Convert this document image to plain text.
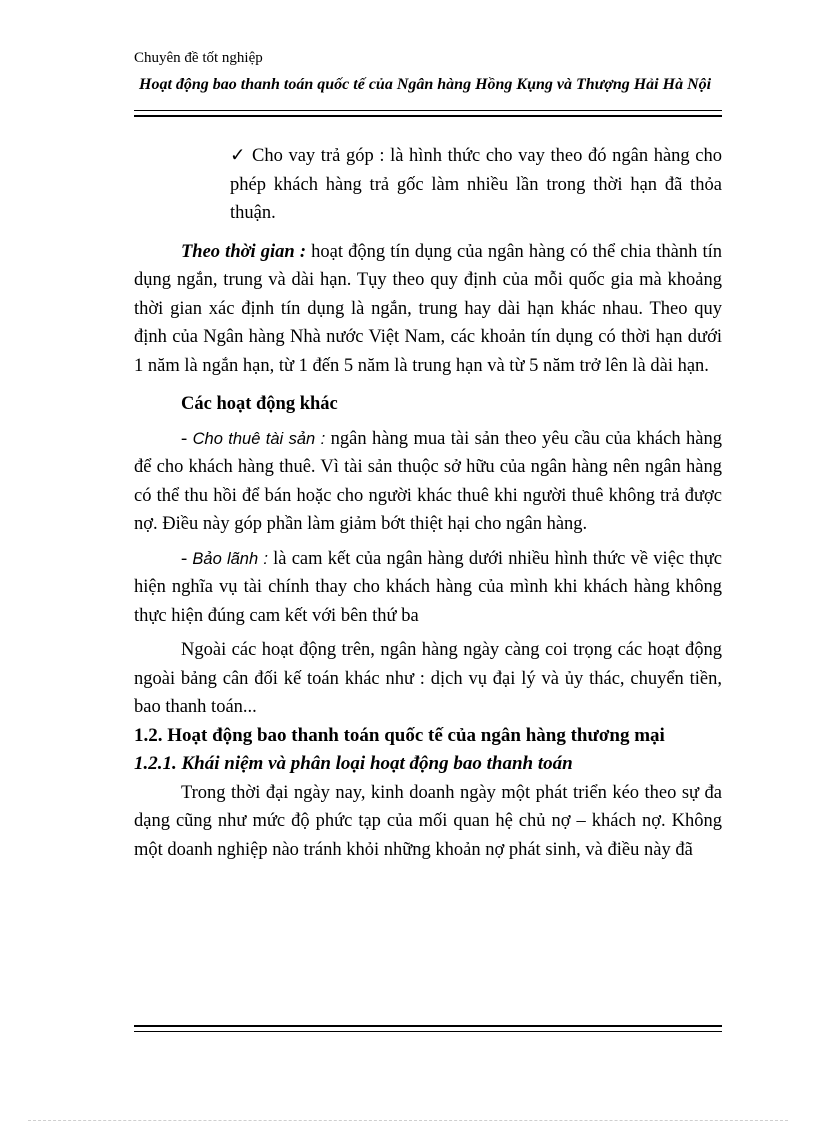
Chuyên đề tốt nghiệp
Hoạt động bao thanh toán quốc tế của Ngân hàng Hồng Kụng và Thượng Hải Hà Nội

✓ Cho vay trả góp : là hình thức cho vay theo đó ngân hàng cho phép khách hàng trả gốc làm nhiều lần trong thời hạn đã thỏa thuận.

Theo thời gian : hoạt động tín dụng của ngân hàng có thể chia thành tín dụng ngắn, trung và dài hạn. Tụy theo quy định của mỗi quốc gia mà khoảng thời gian xác định tín dụng là ngắn, trung hay dài hạn khác nhau. Theo quy định của Ngân hàng Nhà nước Việt Nam, các khoản tín dụng có thời hạn dưới 1 năm là ngắn hạn, từ 1 đến 5 năm là trung hạn và từ 5 năm trở lên là dài hạn.

Các hoạt động khác

- Cho thuê tài sản : ngân hàng mua tài sản theo yêu cầu của khách hàng để cho khách hàng thuê. Vì tài sản thuộc sở hữu của ngân hàng nên ngân hàng có thể thu hồi để bán hoặc cho người khác thuê khi người thuê không trả được nợ. Điều này góp phần làm giảm bớt thiệt hại cho ngân hàng.

- Bảo lãnh : là cam kết của ngân hàng dưới nhiều hình thức về việc thực hiện nghĩa vụ tài chính thay cho khách hàng của mình khi khách hàng không thực hiện đúng cam kết với bên thứ ba

Ngoài các hoạt động trên, ngân hàng ngày càng coi trọng các hoạt động ngoài bảng cân đối kế toán khác như : dịch vụ đại lý và ủy thác, chuyển tiền, bao thanh toán...

1.2. Hoạt động bao thanh toán quốc tế của ngân hàng thương mại

1.2.1. Khái niệm và phân loại hoạt động bao thanh toán

Trong thời đại ngày nay, kinh doanh ngày một phát triển kéo theo sự đa dạng cũng như mức độ phức tạp của mối quan hệ chủ nợ – khách nợ. Không một doanh nghiệp nào tránh khỏi những khoản nợ phát sinh, và điều này đã
